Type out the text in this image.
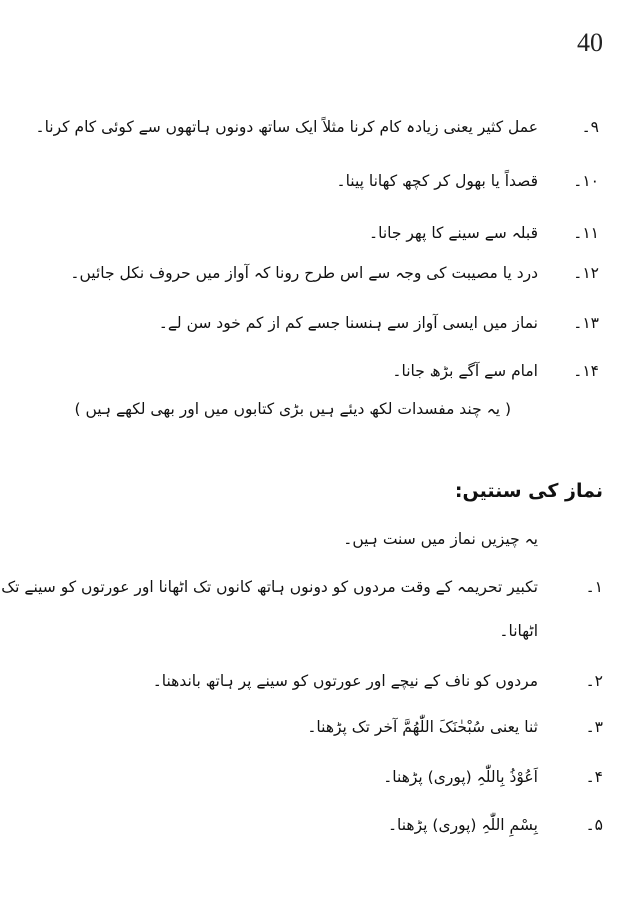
40
۹۔
عمل کثیر یعنی زیادہ کام کرنا مثلاً ایک ساتھ دونوں ہاتھوں سے کوئی کام کرنا۔
۱۰۔
قصداً یا بھول کر کچھ کھانا پینا۔
۱۱۔
قبلہ سے سینے کا پھر جانا۔
۱۲۔
درد یا مصیبت کی وجہ سے اس طرح رونا کہ آواز میں حروف نکل جائیں۔
۱۳۔
نماز میں ایسی آواز سے ہنسنا جسے کم از کم خود سن لے۔
۱۴۔
امام سے آگے بڑھ جانا۔
( یہ چند مفسدات لکھ دیئے ہیں بڑی کتابوں میں اور بھی لکھے ہیں )
نماز کی سنتیں:
یہ چیزیں نماز میں سنت ہیں۔
۱۔
تکبیر تحریمہ کے وقت مردوں کو دونوں ہاتھ کانوں تک اٹھانا اور عورتوں کو سینے تک
اٹھانا۔
۲۔
مردوں کو ناف کے نیچے اور عورتوں کو سینے پر ہاتھ باندھنا۔
۳۔
ثنا یعنی سُبْحٰنَکَ اللّٰھُمَّ آخر تک پڑھنا۔
۴۔
اَعُوْذُ بِاللّٰہِ (پوری) پڑھنا۔
۵۔
بِسْمِ اللّٰہِ (پوری) پڑھنا۔
